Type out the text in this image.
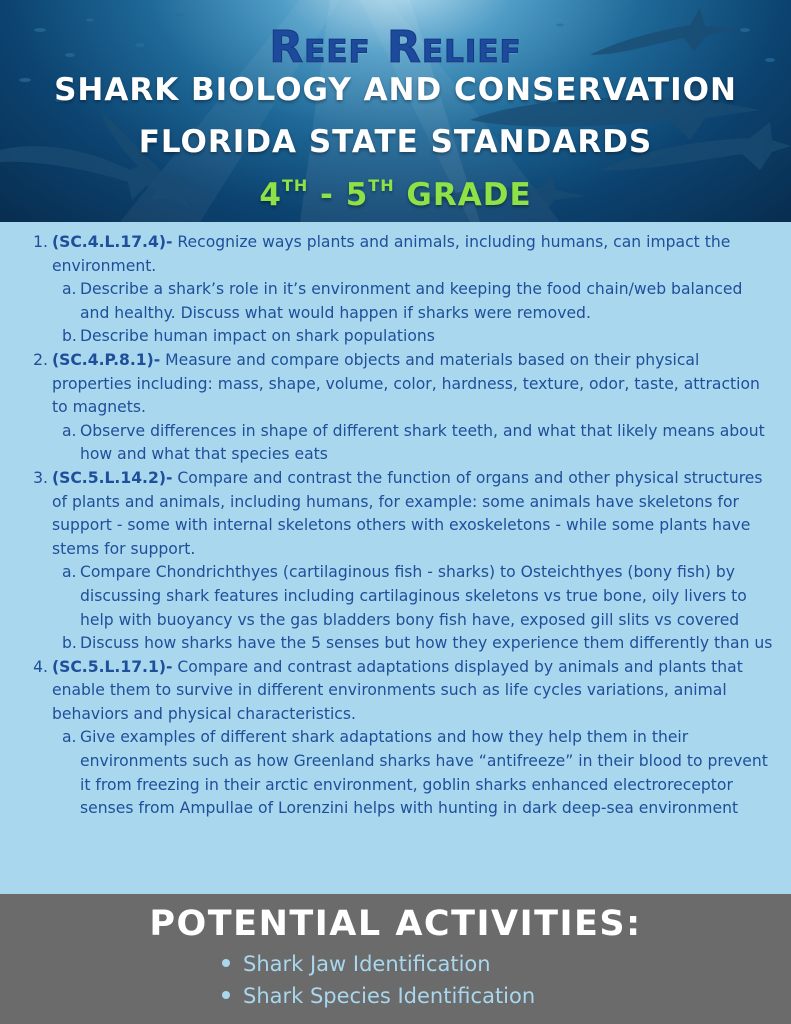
Reef Relief
SHARK BIOLOGY AND CONSERVATION
FLORIDA STATE STANDARDS
4TH - 5TH GRADE
1. (SC.4.L.17.4)- Recognize ways plants and animals, including humans, can impact the environment.
a. Describe a shark’s role in it’s environment and keeping the food chain/web balanced and healthy. Discuss what would happen if sharks were removed.
b. Describe human impact on shark populations
2. (SC.4.P.8.1)- Measure and compare objects and materials based on their physical properties including: mass, shape, volume, color, hardness, texture, odor, taste, attraction to magnets.
a. Observe differences in shape of different shark teeth, and what that likely means about how and what that species eats
3. (SC.5.L.14.2)- Compare and contrast the function of organs and other physical structures of plants and animals, including humans, for example: some animals have skeletons for support - some with internal skeletons others with exoskeletons - while some plants have stems for support.
a. Compare Chondrichthyes (cartilaginous fish - sharks) to Osteichthyes (bony fish) by discussing shark features including cartilaginous skeletons vs true bone, oily livers to help with buoyancy vs the gas bladders bony fish have, exposed gill slits vs covered
b. Discuss how sharks have the 5 senses but how they experience them differently than us
4. (SC.5.L.17.1)- Compare and contrast adaptations displayed by animals and plants that enable them to survive in different environments such as life cycles variations, animal behaviors and physical characteristics.
a. Give examples of different shark adaptations and how they help them in their environments such as how Greenland sharks have “antifreeze” in their blood to prevent it from freezing in their arctic environment, goblin sharks enhanced electroreceptor senses from Ampullae of Lorenzini helps with hunting in dark deep-sea environment
POTENTIAL ACTIVITIES:
Shark Jaw Identification
Shark Species Identification
